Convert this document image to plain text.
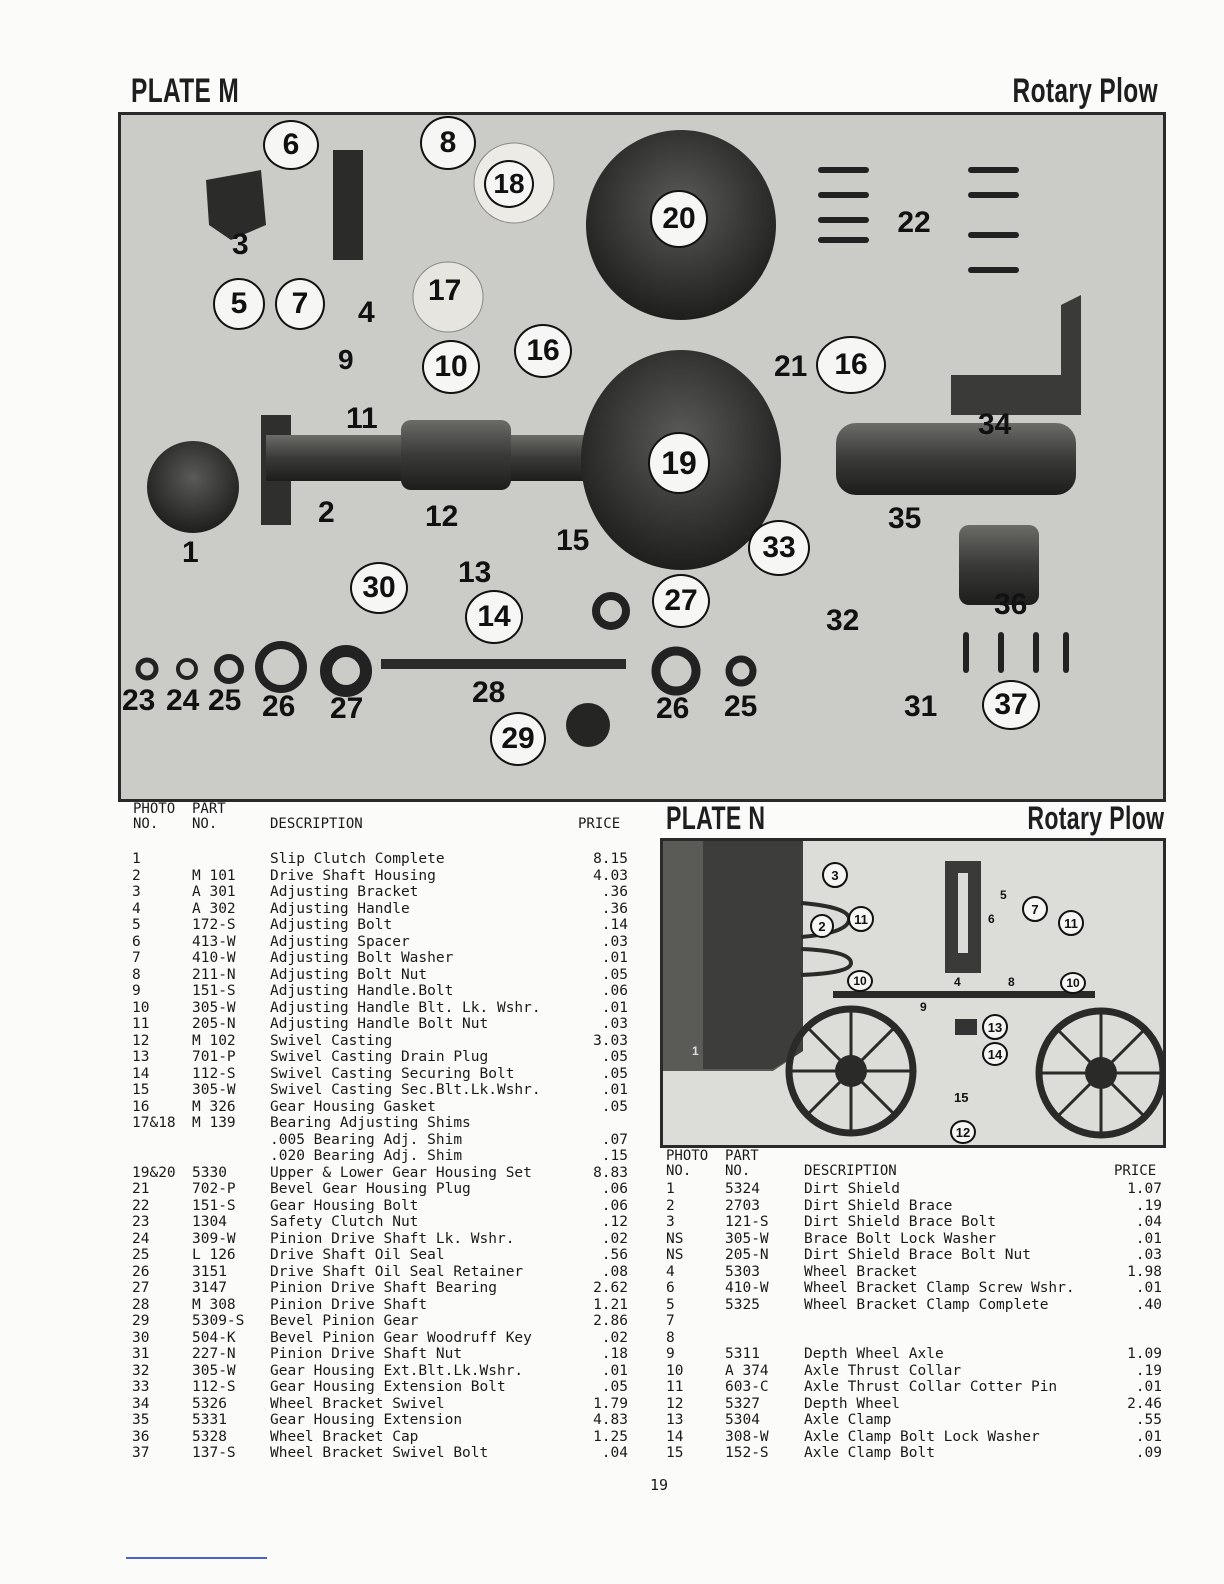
PLATE M	Rotary Plow
6	8
18
20	22
3
5	7	4
17
9	10	16
11
21 16
34
1
2	12
19
35
13
15	33
14	27
30
32	36
23 24 25 26 27	28	26 25	31	37
29
PHOTO
NO.
PART
NO.	DESCRIPTION	PRICE
1	Slip Clutch Complete	8.15
2	M 101 Drive Shaft Housing	4.03
3	A 301 Adjusting Bracket	.36
4	A 302 Adjusting Handle	.36
5	172-S Adjusting Bolt	.14
6	413-W Adjusting Spacer	.03
7	410-W Adjusting Bolt Washer	.01
8	211-N Adjusting Bolt Nut	.05
9	151-S Adjusting Handle.Bolt	.06
10	305-W Adjusting Handle Blt. Lk. Wshr.	.01
11	205-N Adjusting Handle Bolt Nut	.03
12	M 102 Swivel Casting	3.03
13	701-P Swivel Casting Drain Plug	.05
14	112-S Swivel Casting Securing Bolt	.05
15	305-W Swivel Casting Sec.Blt.Lk.Wshr.	.01
16	M 326 Gear Housing Gasket	.05
17&18 M 139 Bearing Adjusting Shims
.005 Bearing Adj. Shim	.07
.020 Bearing Adj. Shim	.15
19&20 5330	Upper & Lower Gear Housing Set	8.83
21	702-P Bevel Gear Housing Plug	.06
22	151-S Gear Housing Bolt	.06
23	1304	Safety Clutch Nut	.12
24	309-W Pinion Drive Shaft Lk. Wshr.	.02
25	L 126 Drive Shaft Oil Seal	.56
26	3151	Drive Shaft Oil Seal Retainer	.08
27	3147	Pinion Drive Shaft Bearing	2.62
28	M 308 Pinion Drive Shaft	1.21
29	5309-S Bevel Pinion Gear	2.86
30	504-K Bevel Pinion Gear Woodruff Key	.02
31	227-N Pinion Drive Shaft Nut	.18
32	305-W Gear Housing Ext.Blt.Lk.Wshr.	.01
33	112-S Gear Housing Extension Bolt	.05
34	5326	Wheel Bracket Swivel	1.79
35	5331	Gear Housing Extension	4.83
36	5328	Wheel Bracket Cap	1.25
37	137-S Wheel Bracket Swivel Bolt	.04
PLATE N	Rotary Plow
3
11
2
7
11
10	10
13
14
12
5
6
4	8
9
1
15
PHOTO
NO.
PART
NO.	DESCRIPTION	PRICE
1	5324	Dirt Shield	1.07
2	2703	Dirt Shield Brace	.19
3	121-S Dirt Shield Brace Bolt	.04
NS	305-W Brace Bolt Lock Washer	.01
NS	205-N Dirt Shield Brace Bolt Nut	.03
4	5303	Wheel Bracket	1.98
6	410-W Wheel Bracket Clamp Screw Wshr.	.01
5	5325	Wheel Bracket Clamp Complete	.40
7
8
9	5311	Depth Wheel Axle	1.09
10	A 374 Axle Thrust Collar	.19
11	603-C Axle Thrust Collar Cotter Pin	.01
12	5327	Depth Wheel	2.46
13	5304	Axle Clamp	.55
14	308-W Axle Clamp Bolt Lock Washer	.01
15	152-S Axle Clamp Bolt	.09
19
